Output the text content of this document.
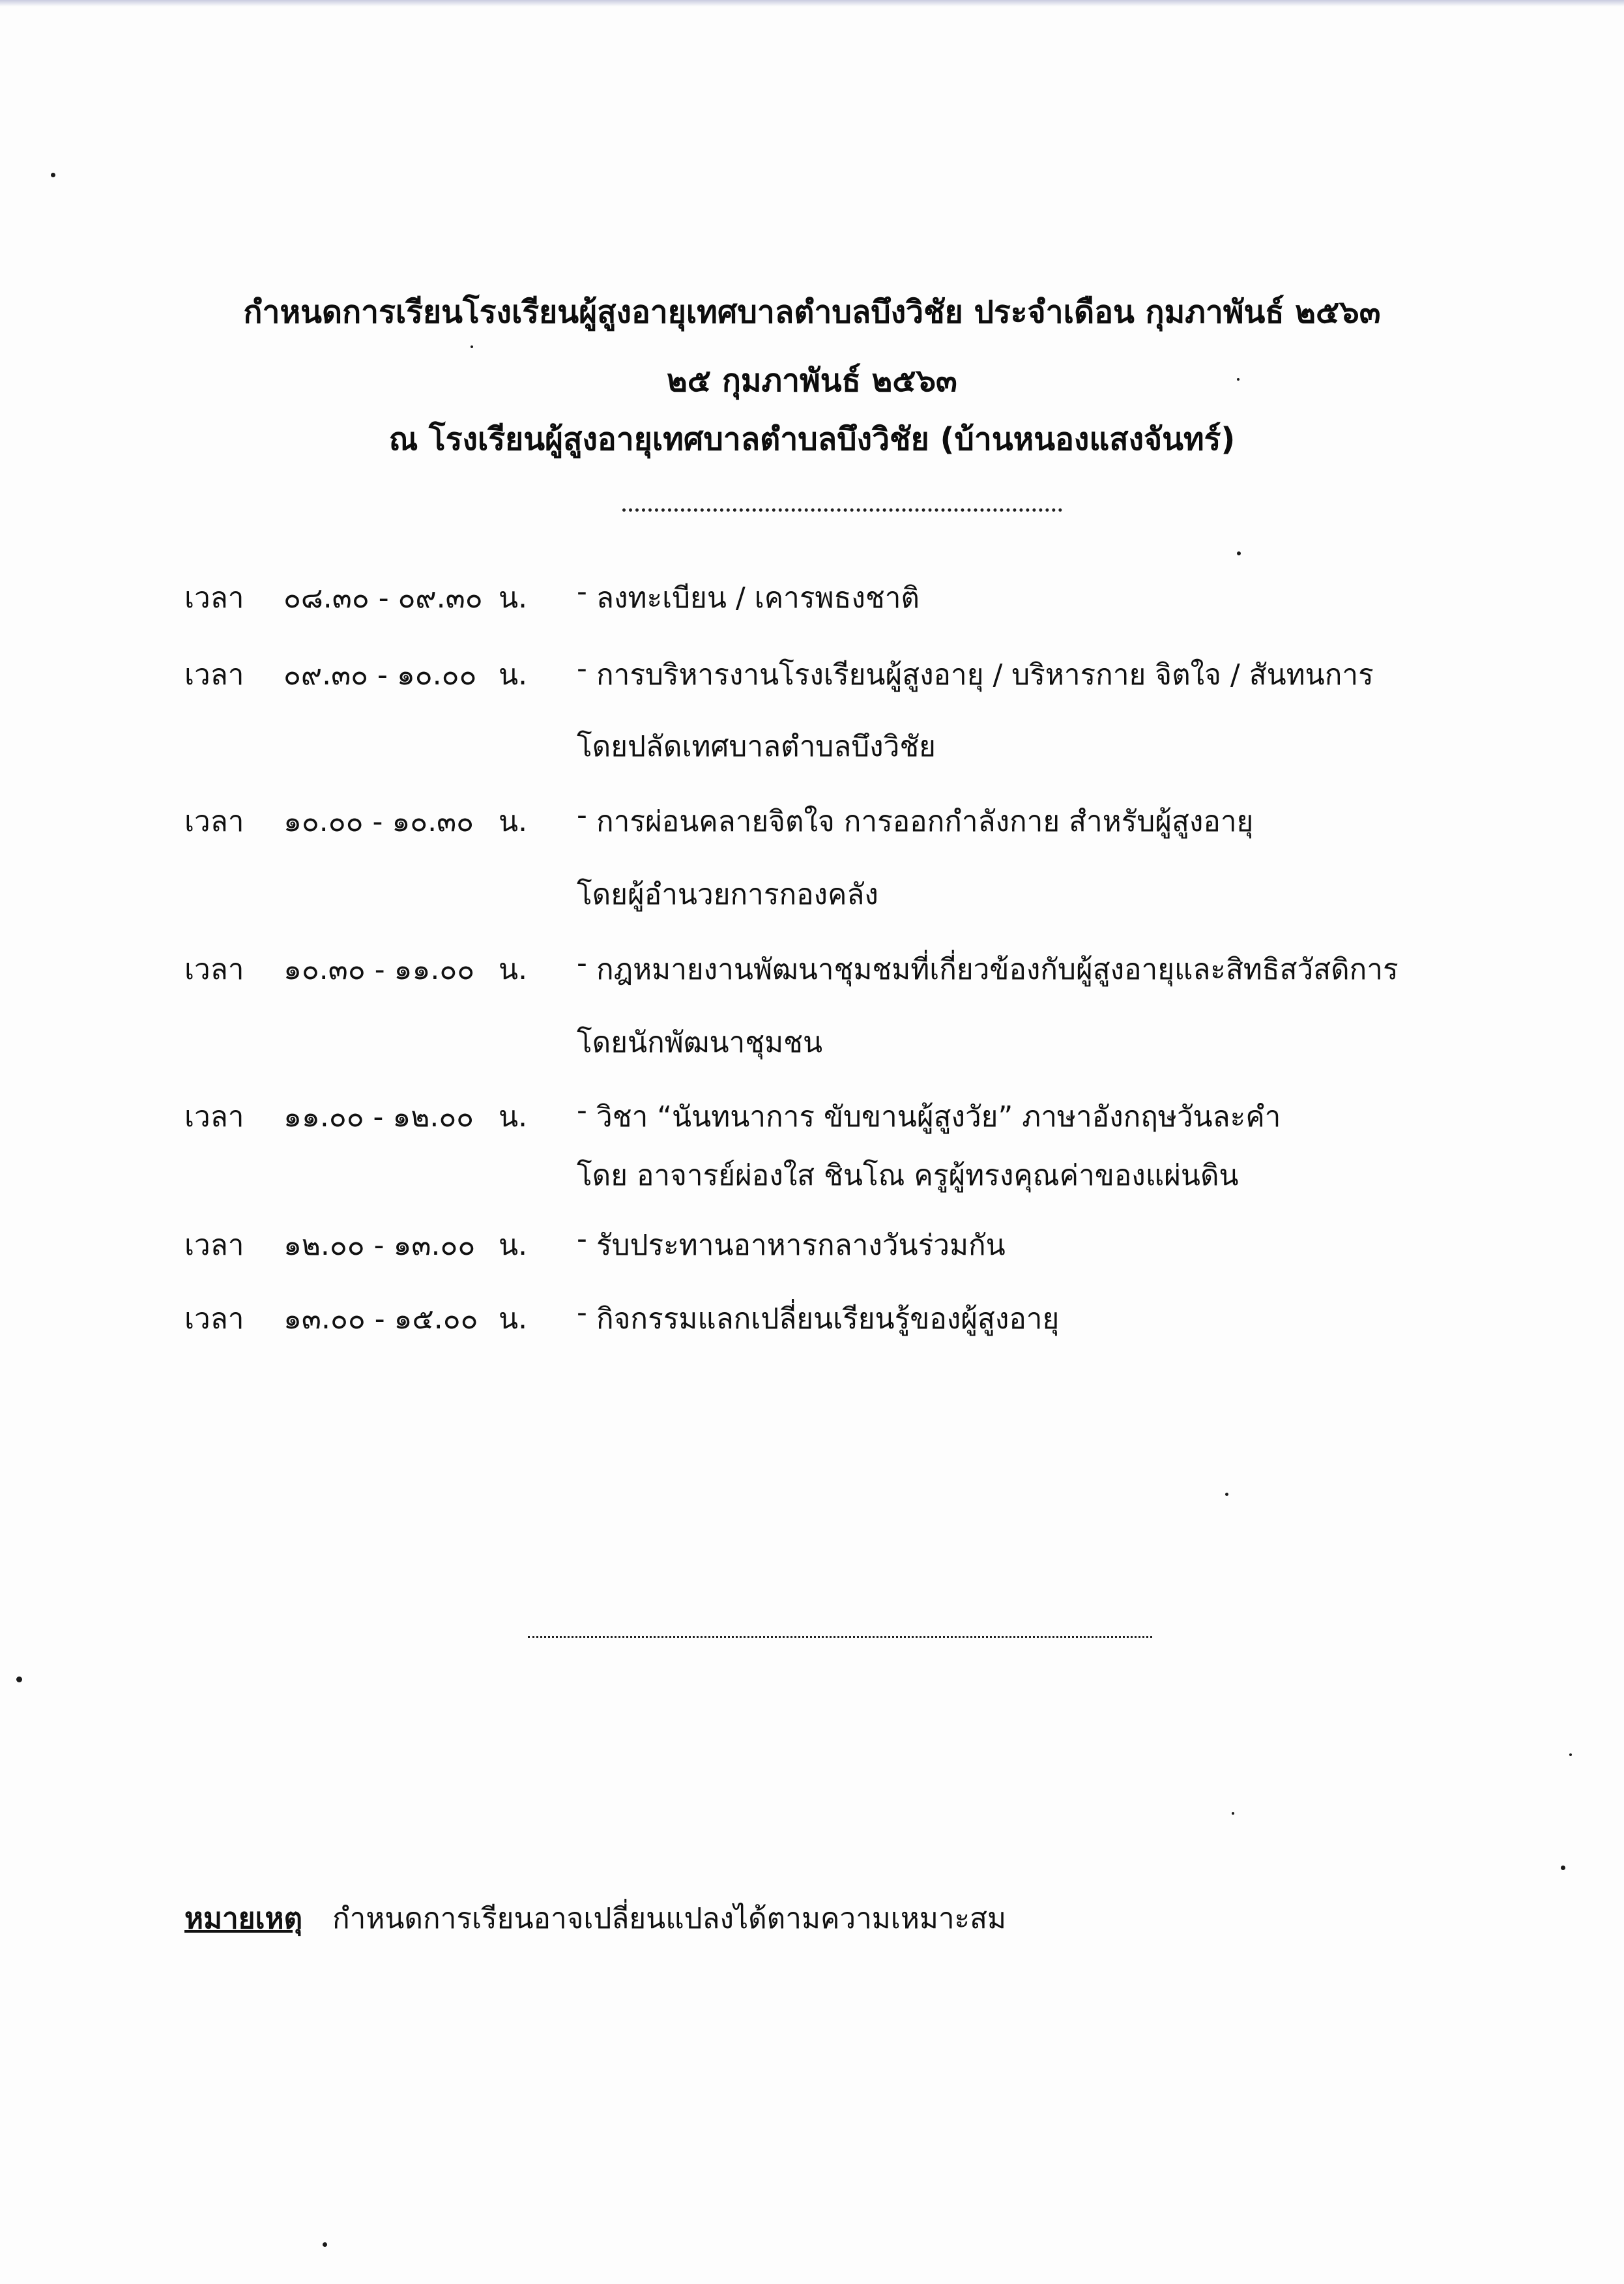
กำหนดการเรียนโรงเรียนผู้สูงอายุเทศบาลตำบลบึงวิชัย ประจำเดือน กุมภาพันธ์ ๒๕๖๓
๒๕ กุมภาพันธ์ ๒๕๖๓
ณ โรงเรียนผู้สูงอายุเทศบาลตำบลบึงวิชัย (บ้านหนองแสงจันทร์)
เวลา ๐๘.๓๐ - ๐๙.๓๐ น. - ลงทะเบียน / เคารพธงชาติ
เวลา ๐๙.๓๐ - ๑๐.๐๐ น. - การบริหารงานโรงเรียนผู้สูงอายุ / บริหารกาย จิตใจ / สันทนการ
โดยปลัดเทศบาลตำบลบึงวิชัย
เวลา ๑๐.๐๐ - ๑๐.๓๐ น. - การผ่อนคลายจิตใจ การออกกำลังกาย สำหรับผู้สูงอายุ
โดยผู้อำนวยการกองคลัง
เวลา ๑๐.๓๐ - ๑๑.๐๐ น. - กฎหมายงานพัฒนาชุมชมที่เกี่ยวข้องกับผู้สูงอายุและสิทธิสวัสดิการ
โดยนักพัฒนาชุมชน
เวลา ๑๑.๐๐ - ๑๒.๐๐ น. - วิชา “นันทนาการ ขับขานผู้สูงวัย” ภาษาอังกฤษวันละคำ
โดย อาจารย์ผ่องใส ชินโณ ครูผู้ทรงคุณค่าของแผ่นดิน
เวลา ๑๒.๐๐ - ๑๓.๐๐ น. - รับประทานอาหารกลางวันร่วมกัน
เวลา ๑๓.๐๐ - ๑๕.๐๐ น. - กิจกรรมแลกเปลี่ยนเรียนรู้ของผู้สูงอายุ
หมายเหตุ กำหนดการเรียนอาจเปลี่ยนแปลงได้ตามความเหมาะสม
